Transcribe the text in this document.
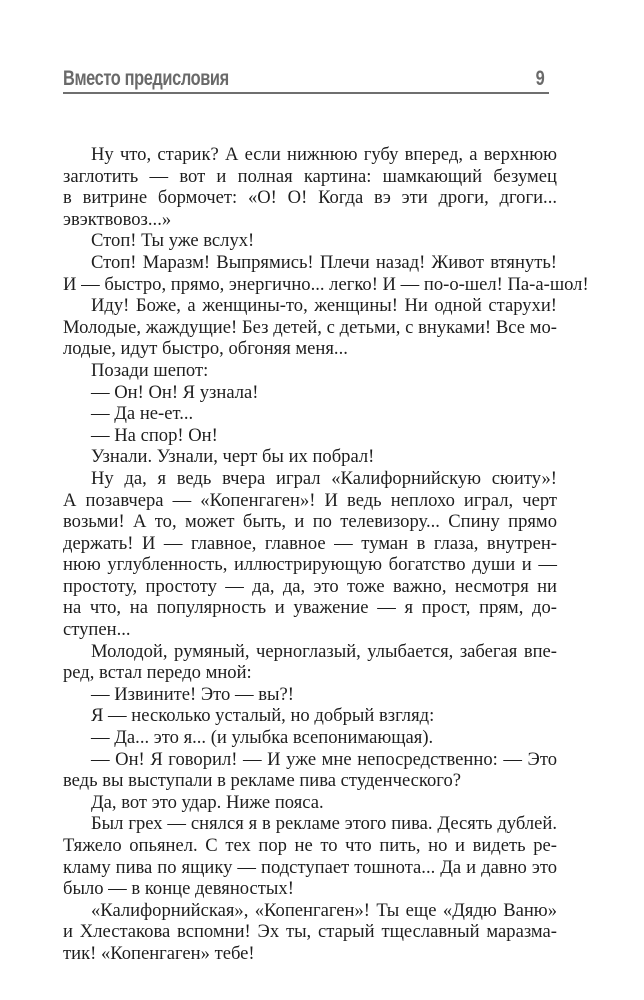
Вместо предисловия	9
Ну что, старик? А если нижнюю губу вперед, а верхнюю
заглотить — вот и полная картина: шамкающий безумец
в витрине бормочет: «О! О! Когда вэ эти дроги, дгоги...
эвэктвовоз...»
Стоп! Ты уже вслух!
Стоп! Маразм! Выпрямись! Плечи назад! Живот втянуть!
И — быстро, прямо, энергично... легко! И — по-о-шел! Па-а-шол!
Иду! Боже, а женщины-то, женщины! Ни одной старухи!
Молодые, жаждущие! Без детей, с детьми, с внуками! Все мо-
лодые, идут быстро, обгоняя меня...
Позади шепот:
— Он! Он! Я узнала!
— Да не-ет...
— На спор! Он!
Узнали. Узнали, черт бы их побрал!
Ну да, я ведь вчера играл «Калифорнийскую сюиту»!
А позавчера — «Копенгаген»! И ведь неплохо играл, черт
возьми! А то, может быть, и по телевизору... Спину прямо
держать! И — главное, главное — туман в глаза, внутрен-
нюю углубленность, иллюстрирующую богатство души и —
простоту, простоту — да, да, это тоже важно, несмотря ни
на что, на популярность и уважение — я прост, прям, до-
ступен...
Молодой, румяный, черноглазый, улыбается, забегая впе-
ред, встал передо мной:
— Извините! Это — вы?!
Я — несколько усталый, но добрый взгляд:
— Да... это я... (и улыбка всепонимающая).
— Он! Я говорил! — И уже мне непосредственно: — Это
ведь вы выступали в рекламе пива студенческого?
Да, вот это удар. Ниже пояса.
Был грех — снялся я в рекламе этого пива. Десять дублей.
Тяжело опьянел. С тех пор не то что пить, но и видеть ре-
кламу пива по ящику — подступает тошнота... Да и давно это
было — в конце девяностых!
«Калифорнийская», «Копенгаген»! Ты еще «Дядю Ваню»
и Хлестакова вспомни! Эх ты, старый тщеславный маразма-
тик! «Копенгаген» тебе!
